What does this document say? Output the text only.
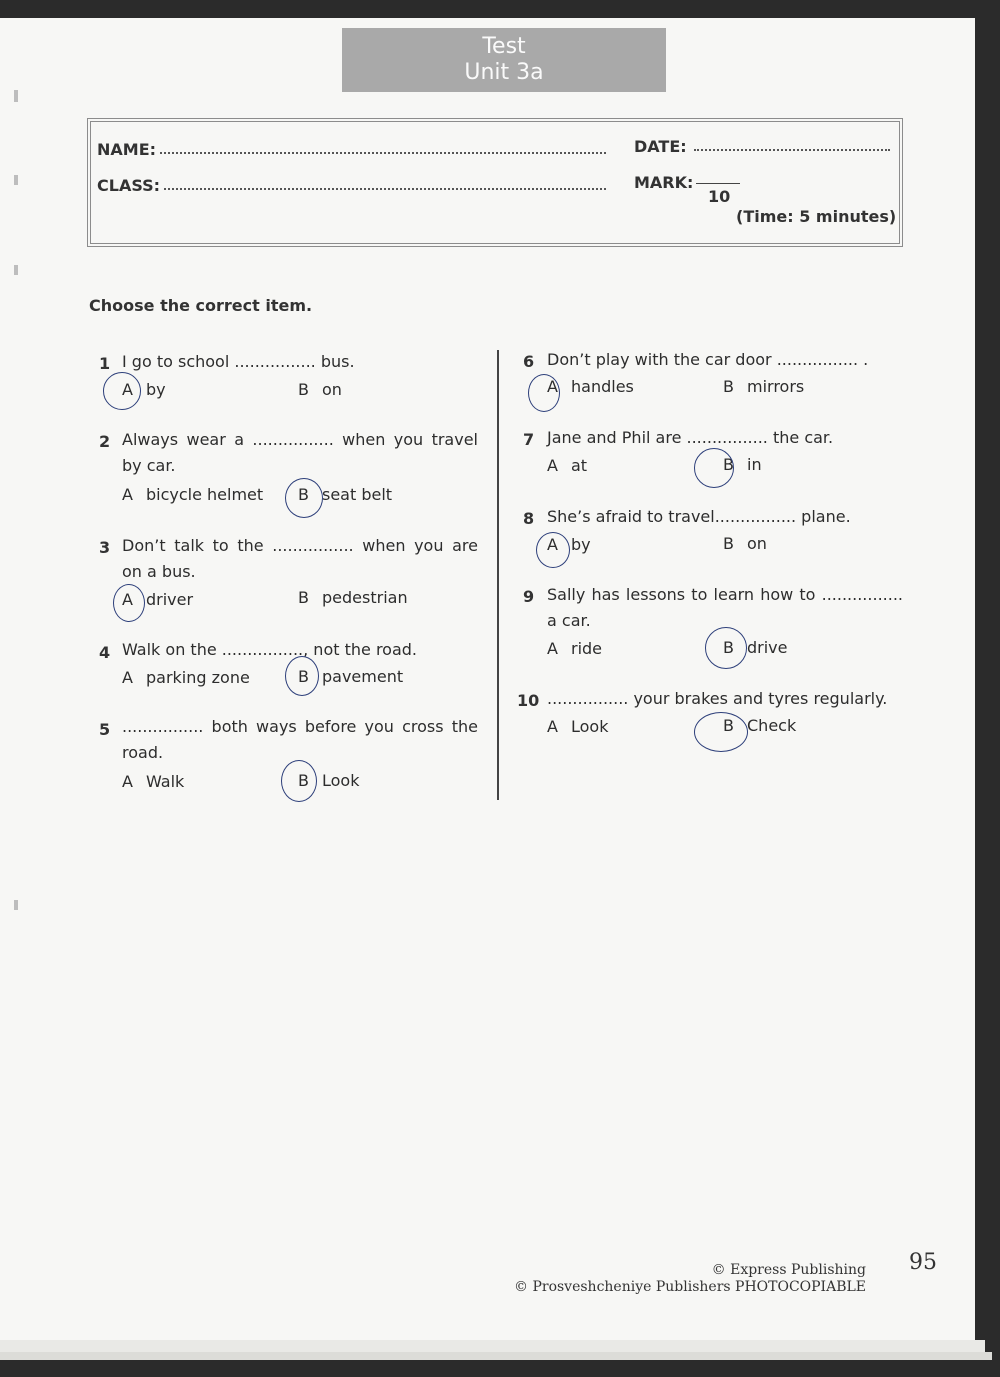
Test
Unit 3a
NAME:
CLASS:
DATE:
MARK:
10
(Time: 5 minutes)
Choose the correct item.
1 I go to school ................ bus.
A by	B on
2 Always wear a ................ when you travel by car.
A bicycle helmet B seat belt
3 Don’t talk to the ................ when you are on a bus.
A driver	B pedestrian
4 Walk on the ................, not the road.
A parking zone	B pavement
5 ................ both ways before you cross the road.
A Walk	B Look
6 Don’t play with the car door ................ .
A handles	B mirrors
7 Jane and Phil are ................ the car.
A at	B in
8 She’s afraid to travel................ plane.
A by	B on
9 Sally has lessons to learn how to ................ a car.
A ride	B drive
10 ................ your brakes and tyres regularly.
A Look	B Check
© Express Publishing
© Prosveshcheniye Publishers PHOTOCOPIABLE
95
